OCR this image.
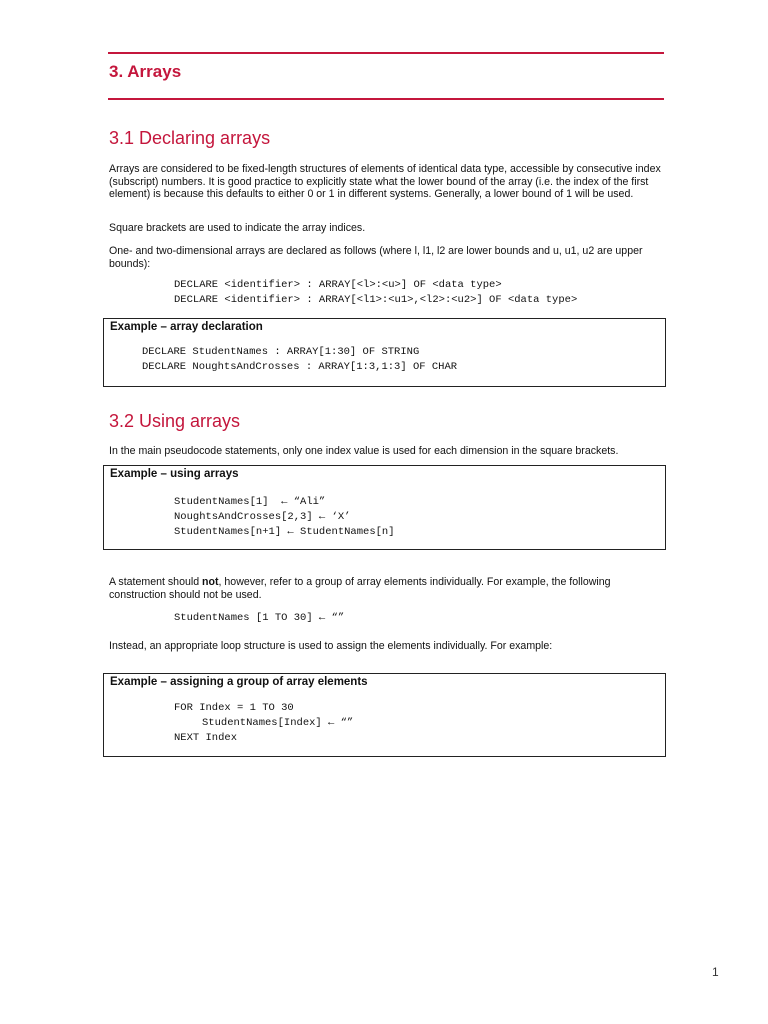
3. Arrays
3.1 Declaring arrays

Arrays are considered to be fixed-length structures of elements of identical data type, accessible by consecutive index (subscript) numbers. It is good practice to explicitly state what the lower bound of the array (i.e. the index of the first element) is because this defaults to either 0 or 1 in different systems. Generally, a lower bound of 1 will be used.

Square brackets are used to indicate the array indices.

One- and two-dimensional arrays are declared as follows (where l, l1, l2 are lower bounds and u, u1, u2 are upper bounds):

DECLARE <identifier> : ARRAY[<l>:<u>] OF <data type>
DECLARE <identifier> : ARRAY[<l1>:<u1>,<l2>:<u2>] OF <data type>
Example – array declaration
DECLARE StudentNames : ARRAY[1:30] OF STRING
DECLARE NoughtsAndCrosses : ARRAY[1:3,1:3] OF CHAR
3.2 Using arrays

In the main pseudocode statements, only one index value is used for each dimension in the square brackets.

Example – using arrays
StudentNames[1]  ← “Ali”
NoughtsAndCrosses[2,3] ← ‘X’
StudentNames[n+1] ← StudentNames[n]

A statement should not, however, refer to a group of array elements individually. For example, the following construction should not be used.

StudentNames [1 TO 30] ← “”

Instead, an appropriate loop structure is used to assign the elements individually. For example:

Example – assigning a group of array elements
FOR Index = 1 TO 30
StudentNames[Index] ← “”
NEXT Index
1
